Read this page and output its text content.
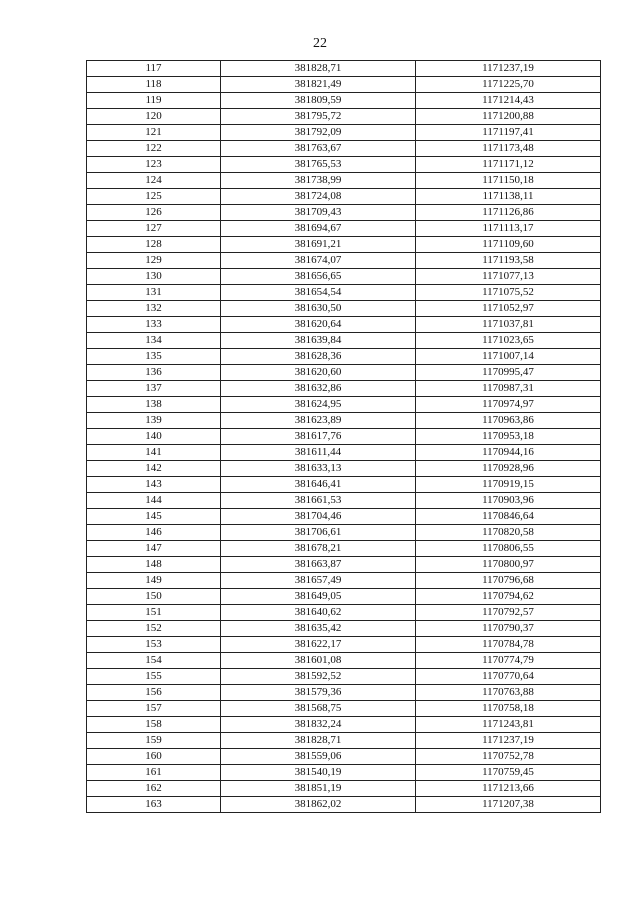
22
117	381828,71	1171237,19
118	381821,49	1171225,70
119	381809,59	1171214,43
120	381795,72	1171200,88
121	381792,09	1171197,41
122	381763,67	1171173,48
123	381765,53	1171171,12
124	381738,99	1171150,18
125	381724,08	1171138,11
126	381709,43	1171126,86
127	381694,67	1171113,17
128	381691,21	1171109,60
129	381674,07	1171193,58
130	381656,65	1171077,13
131	381654,54	1171075,52
132	381630,50	1171052,97
133	381620,64	1171037,81
134	381639,84	1171023,65
135	381628,36	1171007,14
136	381620,60	1170995,47
137	381632,86	1170987,31
138	381624,95	1170974,97
139	381623,89	1170963,86
140	381617,76	1170953,18
141	381611,44	1170944,16
142	381633,13	1170928,96
143	381646,41	1170919,15
144	381661,53	1170903,96
145	381704,46	1170846,64
146	381706,61	1170820,58
147	381678,21	1170806,55
148	381663,87	1170800,97
149	381657,49	1170796,68
150	381649,05	1170794,62
151	381640,62	1170792,57
152	381635,42	1170790,37
153	381622,17	1170784,78
154	381601,08	1170774,79
155	381592,52	1170770,64
156	381579,36	1170763,88
157	381568,75	1170758,18
158	381832,24	1171243,81
159	381828,71	1171237,19
160	381559,06	1170752,78
161	381540,19	1170759,45
162	381851,19	1171213,66
163	381862,02	1171207,38
